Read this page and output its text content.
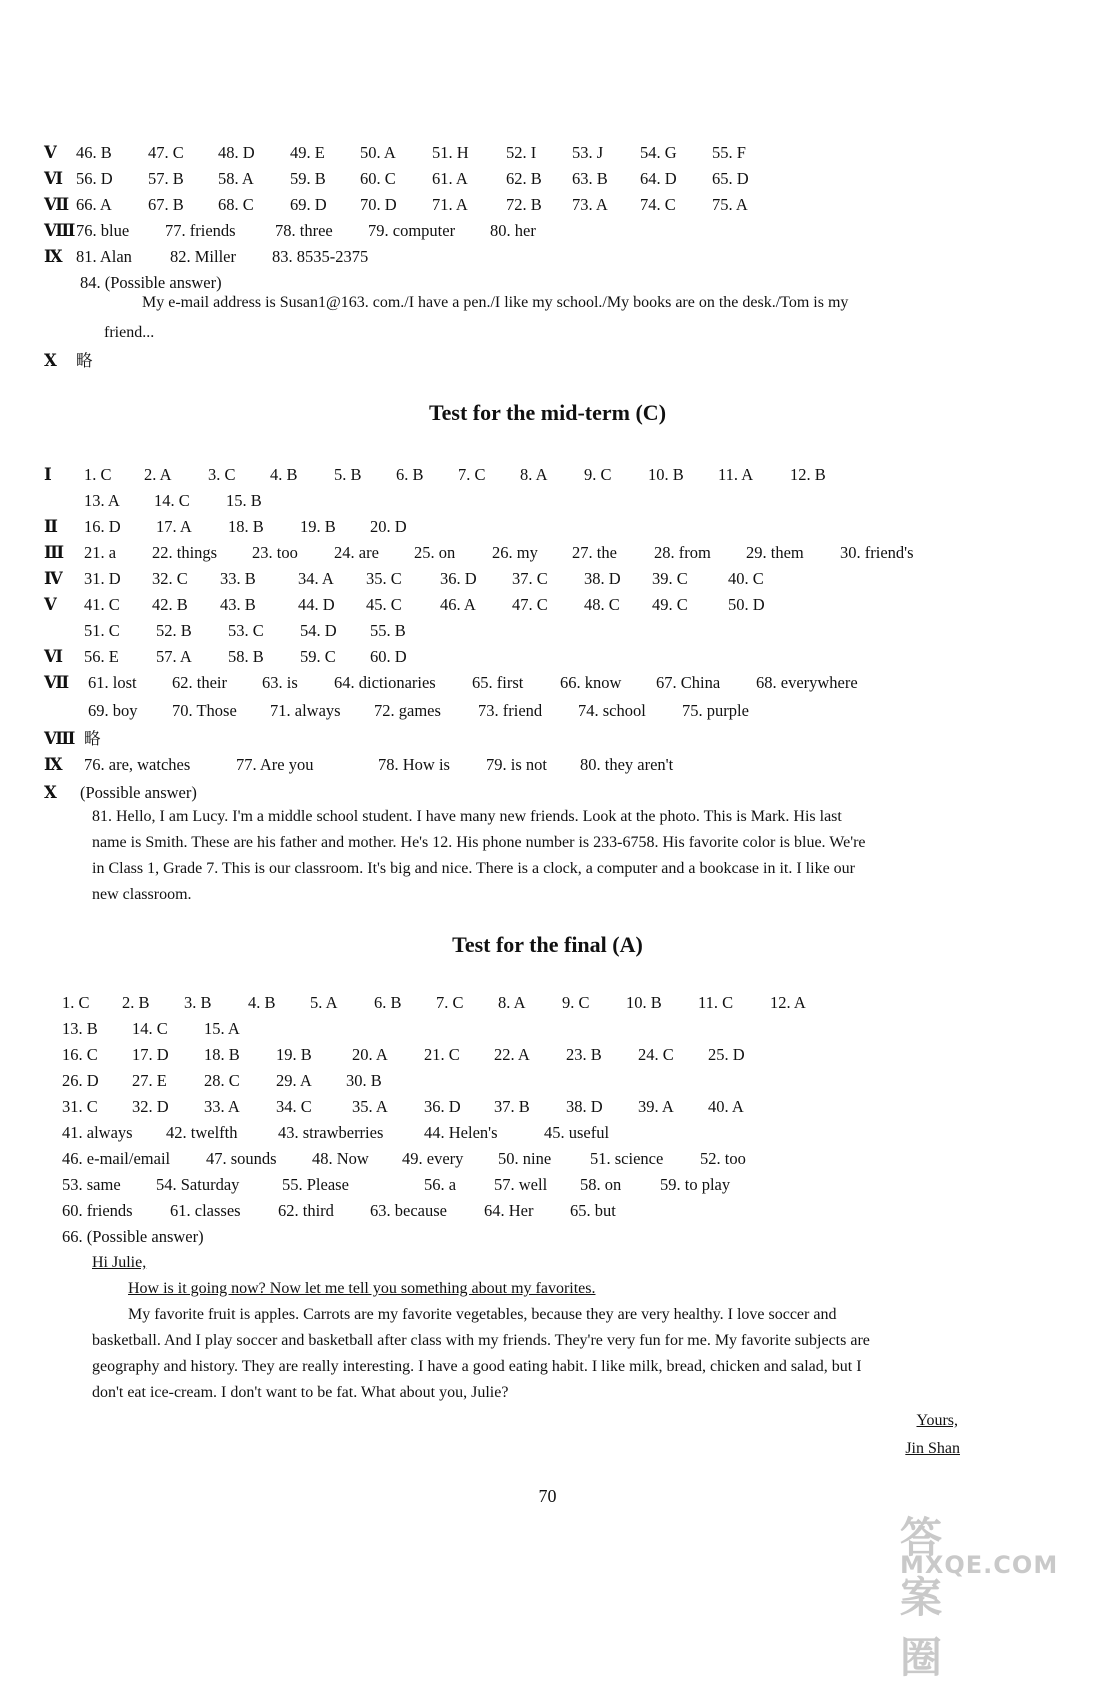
Ⅴ 46. B 47. C 48. D 49. E 50. A 51. H 52. I 53. J 54. G 55. F
Ⅵ 56. D 57. B 58. A 59. B 60. C 61. A 62. B 63. B 64. D 65. D
Ⅶ 66. A 67. B 68. C 69. D 70. D 71. A 72. B 73. A 74. C 75. A
Ⅷ 76. blue 77. friends 78. three 79. computer 80. her
Ⅸ 81. Alan 82. Miller 83. 8535-2375
84. (Possible answer)
My e-mail address is Susan1@163. com./I have a pen./I like my school./My books are on the desk./Tom is my
friend...
Ⅹ 略
Test for the mid-term (C)
Ⅰ 1. C 2. A 3. C 4. B 5. B 6. B 7. C 8. A 9. C 10. B 11. A 12. B
13. A 14. C 15. B
Ⅱ 16. D 17. A 18. B 19. B 20. D
Ⅲ 21. a 22. things 23. too 24. are 25. on 26. my 27. the 28. from 29. them 30. friend's
Ⅳ 31. D 32. C 33. B	34. A 35. C 36. D 37. C 38. D 39. C 40. C
Ⅴ 41. C 42. B 43. B	44. D 45. C 46. A 47. C 48. C 49. C 50. D
51. C 52. B 53. C 54. D 55. B
Ⅵ 56. E 57. A 58. B 59. C 60. D
Ⅶ 61. lost 62. their 63. is 64. dictionaries 65. first 66. know 67. China 68. everywhere
69. boy 70. Those 71. always 72. games 73. friend 74. school 75. purple
Ⅷ 略
Ⅸ 76. are, watches	77. Are you	78. How is 79. is not 80. they aren't
Ⅹ (Possible answer)
81. Hello, I am Lucy. I'm a middle school student. I have many new friends. Look at the photo. This is Mark. His last
name is Smith. These are his father and mother. He's 12. His phone number is 233-6758. His favorite color is blue. We're
in Class 1, Grade 7. This is our classroom. It's big and nice. There is a clock, a computer and a bookcase in it. I like our
new classroom.
Test for the final (A)
1. C 2. B 3. B 4. B 5. A 6. B 7. C 8. A 9. C 10. B 11. C 12. A
13. B 14. C 15. A
16. C 17. D 18. B 19. B 20. A 21. C 22. A 23. B 24. C 25. D
26. D 27. E 28. C 29. A 30. B
31. C 32. D 33. A 34. C 35. A 36. D 37. B 38. D 39. A 40. A
41. always 42. twelfth 43. strawberries 44. Helen's	45. useful
46. e-mail/email 47. sounds 48. Now 49. every 50. nine 51. science 52. too
53. same 54. Saturday	55. Please	56. a 57. well 58. on 59. to play
60. friends 61. classes 62. third 63. because 64. Her 65. but
66. (Possible answer)
Hi Julie,
How is it going now? Now let me tell you something about my favorites.
My favorite fruit is apples. Carrots are my favorite vegetables, because they are very healthy. I love soccer and
basketball. And I play soccer and basketball after class with my friends. They're very fun for me. My favorite subjects are
geography and history. They are really interesting. I have a good eating habit. I like milk, bread, chicken and salad, but I
don't eat ice-cream. I don't want to be fat. What about you, Julie?
Yours,
Jin Shan
70
答案圈
MXQE.COM
